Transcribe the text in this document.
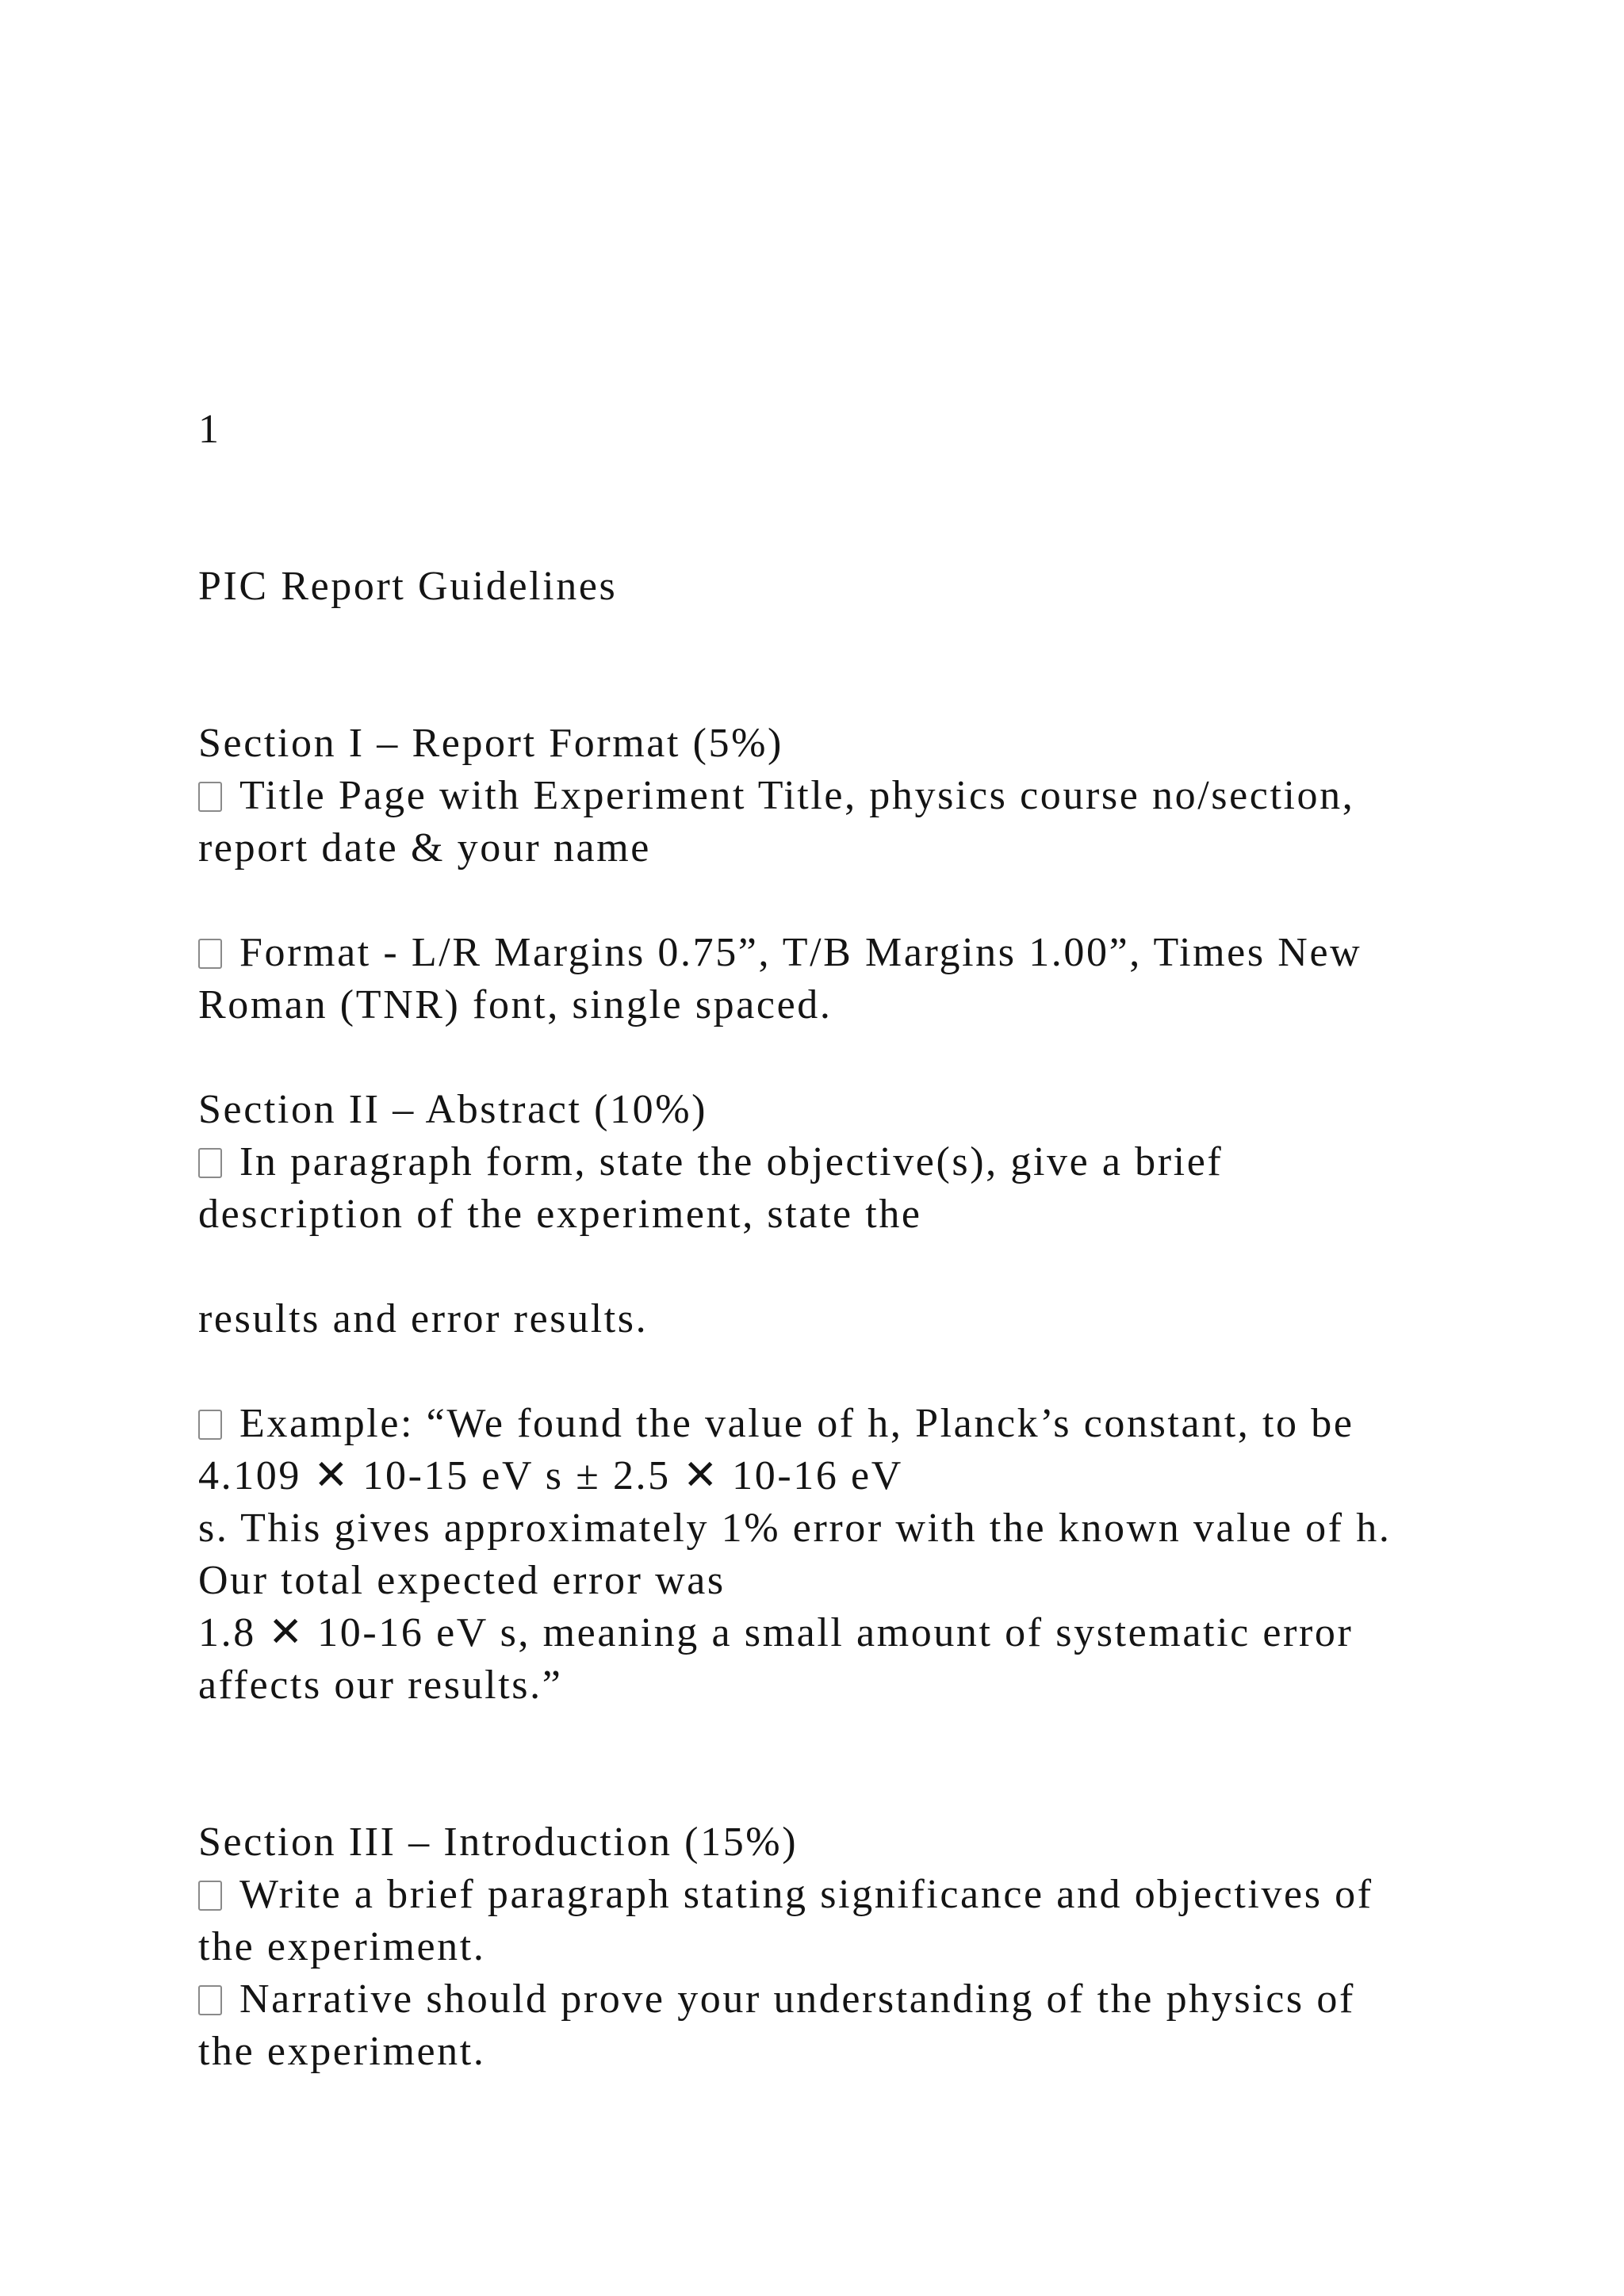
1
PIC Report Guidelines
Section I – Report Format (5%)
Title Page with Experiment Title, physics course no/section,
report date & your name
Format - L/R Margins 0.75”, T/B Margins 1.00”, Times New
Roman (TNR) font, single spaced.
Section II – Abstract (10%)
In paragraph form, state the objective(s), give a brief
description of the experiment, state the
results and error results.
Example: “We found the value of h, Planck’s constant, to be
4.109 ✕ 10-15 eV s ± 2.5 ✕ 10-16 eV
s. This gives approximately 1% error with the known value of h.
Our total expected error was
1.8 ✕ 10-16 eV s, meaning a small amount of systematic error
affects our results.”
Section III – Introduction (15%)
Write a brief paragraph stating significance and objectives of
the experiment.
Narrative should prove your understanding of the physics of
the experiment.
